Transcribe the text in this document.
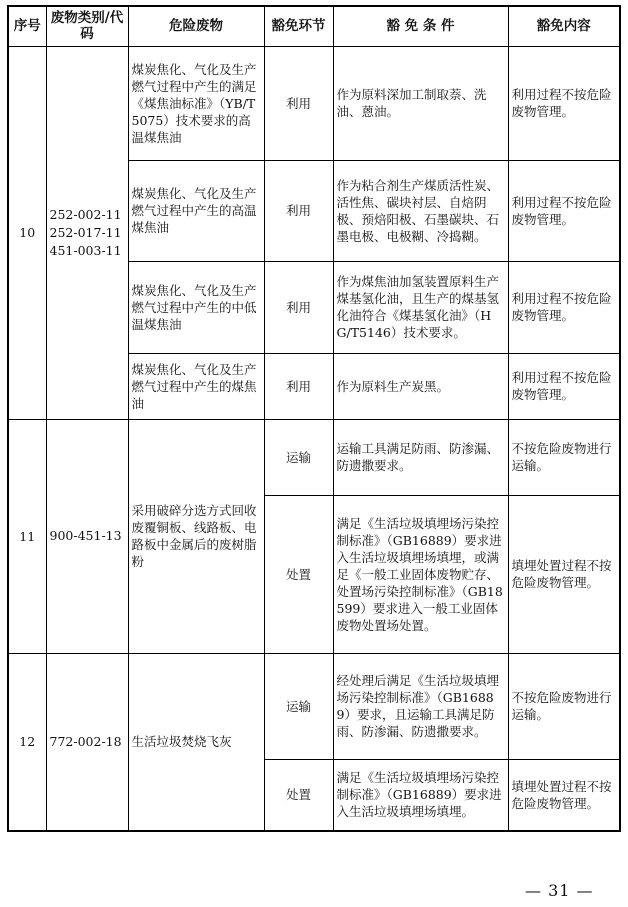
序号	废物类别/代码	危险废物	豁免环节	豁 免 条 件	豁免内容
10	252-002-11 252-017-11 451-003-11	煤炭焦化、气化及生产燃气过程中产生的满足《煤焦油标准》（YB/T5075）技术要求的高温煤焦油	利用	作为原料深加工制取萘、洗油、蒽油。	利用过程不按危险废物管理。
		煤炭焦化、气化及生产燃气过程中产生的高温煤焦油	利用	作为粘合剂生产煤质活性炭、活性焦、碳块衬层、自焙阴极、预焙阳极、石墨碳块、石墨电极、电极糊、冷捣糊。	利用过程不按危险废物管理。
		煤炭焦化、气化及生产燃气过程中产生的中低温煤焦油	利用	作为煤焦油加氢装置原料生产煤基氢化油，且生产的煤基氢化油符合《煤基氢化油》（HG/T5146）技术要求。	利用过程不按危险废物管理。
		煤炭焦化、气化及生产燃气过程中产生的煤焦油	利用	作为原料生产炭黑。	利用过程不按危险废物管理。
11	900-451-13	采用破碎分选方式回收废覆铜板、线路板、电路板中金属后的废树脂粉	运输	运输工具满足防雨、防渗漏、防遗撒要求。	不按危险废物进行运输。
			处置	满足《生活垃圾填埋场污染控制标准》（GB16889）要求进入生活垃圾填埋场填埋，或满足《一般工业固体废物贮存、处置场污染控制标准》（GB18599）要求进入一般工业固体废物处置场处置。	填埋处置过程不按危险废物管理。
12	772-002-18	生活垃圾焚烧飞灰	运输	经处理后满足《生活垃圾填埋场污染控制标准》（GB16889）要求，且运输工具满足防雨、防渗漏、防遗撒要求。	不按危险废物进行运输。
			处置	满足《生活垃圾填埋场污染控制标准》（GB16889）要求进入生活垃圾填埋场填埋。	填埋处置过程不按危险废物管理。
— 31 —
